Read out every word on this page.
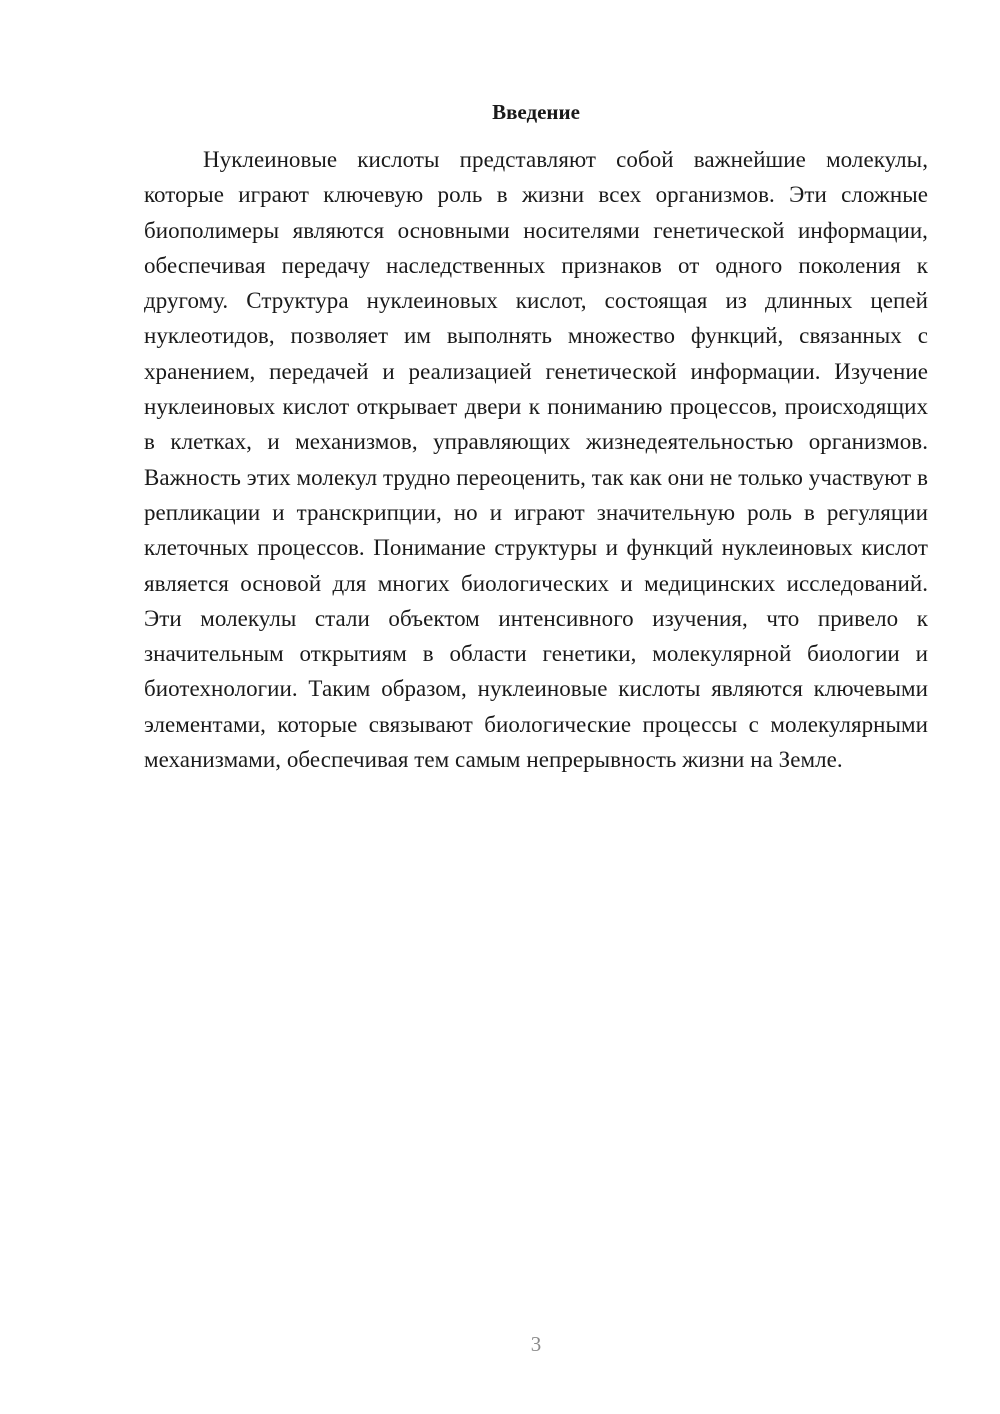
Введение

Нуклеиновые кислоты представляют собой важнейшие молекулы, которые играют ключевую роль в жизни всех организмов. Эти сложные биополимеры являются основными носителями генетической информации, обеспечивая передачу наследственных признаков от одного поколения к другому. Структура нуклеиновых кислот, состоящая из длинных цепей нуклеотидов, позволяет им выполнять множество функций, связанных с хранением, передачей и реализацией генетической информации. Изучение нуклеиновых кислот открывает двери к пониманию процессов, происходящих в клетках, и механизмов, управляющих жизнедеятельностью организмов. Важность этих молекул трудно переоценить, так как они не только участвуют в репликации и транскрипции, но и играют значительную роль в регуляции клеточных процессов. Понимание структуры и функций нуклеиновых кислот является основой для многих биологических и медицинских исследований. Эти молекулы стали объектом интенсивного изучения, что привело к значительным открытиям в области генетики, молекулярной биологии и биотехнологии. Таким образом, нуклеиновые кислоты являются ключевыми элементами, которые связывают биологические процессы с молекулярными механизмами, обеспечивая тем самым непрерывность жизни на Земле.

3
